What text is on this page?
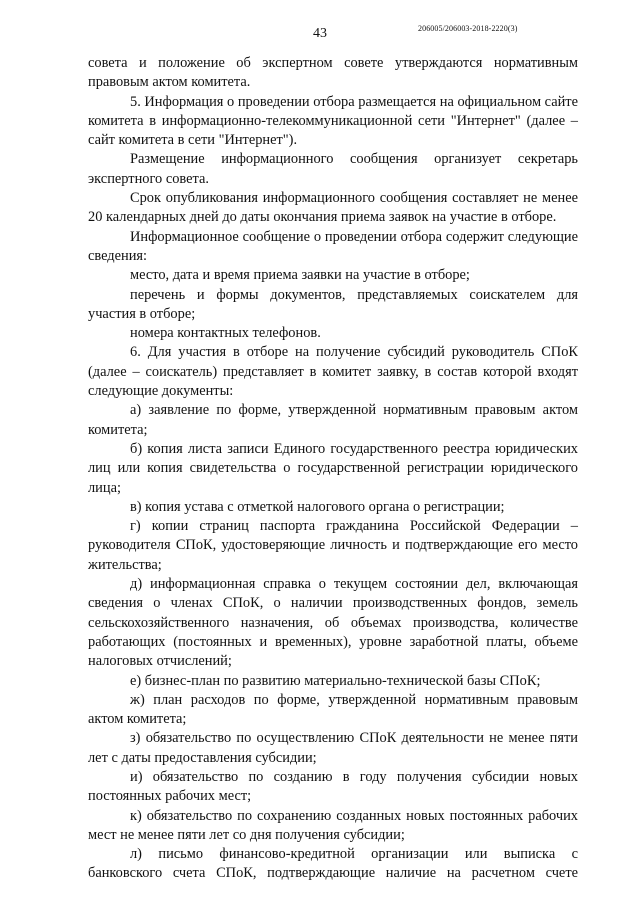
43	206005/206003-2018-2220(3)

совета и положение об экспертном совете утверждаются нормативным правовым актом комитета.

5. Информация о проведении отбора размещается на официальном сайте комитета в информационно-телекоммуникационной сети "Интернет" (далее – сайт комитета в сети "Интернет").

Размещение информационного сообщения организует секретарь экспертного совета.

Срок опубликования информационного сообщения составляет не менее 20 календарных дней до даты окончания приема заявок на участие в отборе.

Информационное сообщение о проведении отбора содержит следующие сведения:

место, дата и время приема заявки на участие в отборе;

перечень и формы документов, представляемых соискателем для участия в отборе;

номера контактных телефонов.

6. Для участия в отборе на получение субсидий руководитель СПоК (далее – соискатель) представляет в комитет заявку, в состав которой входят следующие документы:

а) заявление по форме, утвержденной нормативным правовым актом комитета;

б) копия листа записи Единого государственного реестра юридических лиц или копия свидетельства о государственной регистрации юридического лица;

в) копия устава с отметкой налогового органа о регистрации;

г) копии страниц паспорта гражданина Российской Федерации – руководителя СПоК, удостоверяющие личность и подтверждающие его место жительства;

д) информационная справка о текущем состоянии дел, включающая сведения о членах СПоК, о наличии производственных фондов, земель сельскохозяйственного назначения, об объемах производства, количестве работающих (постоянных и временных), уровне заработной платы, объеме налоговых отчислений;

е) бизнес-план по развитию материально-технической базы СПоК;

ж) план расходов по форме, утвержденной нормативным правовым актом комитета;

з) обязательство по осуществлению СПоК деятельности не менее пяти лет с даты предоставления субсидии;

и) обязательство по созданию в году получения субсидии новых постоянных рабочих мест;

к) обязательство по сохранению созданных новых постоянных рабочих мест не менее пяти лет со дня получения субсидии;

л) письмо финансово-кредитной организации или выписка с банковского счета СПоК, подтверждающие наличие на расчетном счете
